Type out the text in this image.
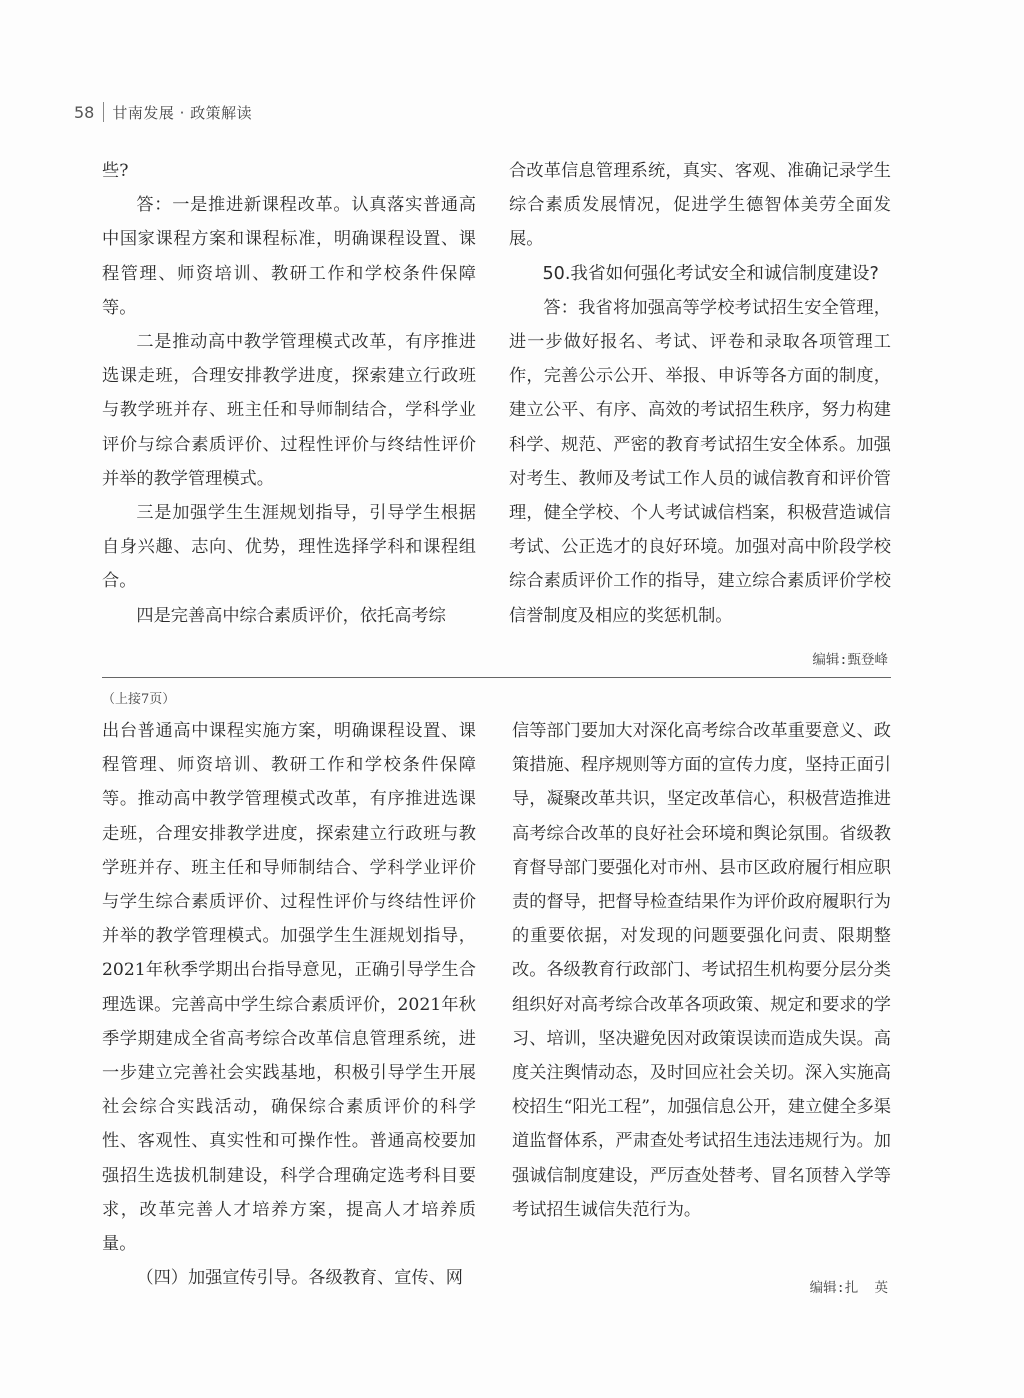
58 甘南发展 · 政策解读

些?

答：一是推进新课程改革。认真落实普通高中国家课程方案和课程标准，明确课程设置、课程管理、师资培训、教研工作和学校条件保障等。

二是推动高中教学管理模式改革，有序推进选课走班，合理安排教学进度，探索建立行政班与教学班并存、班主任和导师制结合，学科学业评价与综合素质评价、过程性评价与终结性评价并举的教学管理模式。

三是加强学生生涯规划指导，引导学生根据自身兴趣、志向、优势，理性选择学科和课程组合。

四是完善高中综合素质评价，依托高考综

合改革信息管理系统，真实、客观、准确记录学生综合素质发展情况，促进学生德智体美劳全面发展。

50.我省如何强化考试安全和诚信制度建设?

答：我省将加强高等学校考试招生安全管理，进一步做好报名、考试、评卷和录取各项管理工作，完善公示公开、举报、申诉等各方面的制度，建立公平、有序、高效的考试招生秩序，努力构建科学、规范、严密的教育考试招生安全体系。加强对考生、教师及考试工作人员的诚信教育和评价管理，健全学校、个人考试诚信档案，积极营造诚信考试、公正选才的良好环境。加强对高中阶段学校综合素质评价工作的指导，建立综合素质评价学校信誉制度及相应的奖惩机制。

编辑:甄登峰
（上接7页）

出台普通高中课程实施方案，明确课程设置、课程管理、师资培训、教研工作和学校条件保障等。推动高中教学管理模式改革，有序推进选课走班，合理安排教学进度，探索建立行政班与教学班并存、班主任和导师制结合、学科学业评价与学生综合素质评价、过程性评价与终结性评价并举的教学管理模式。加强学生生涯规划指导，2021年秋季学期出台指导意见，正确引导学生合理选课。完善高中学生综合素质评价，2021年秋季学期建成全省高考综合改革信息管理系统，进一步建立完善社会实践基地，积极引导学生开展社会综合实践活动，确保综合素质评价的科学性、客观性、真实性和可操作性。普通高校要加强招生选拔机制建设，科学合理确定选考科目要求，改革完善人才培养方案，提高人才培养质量。

（四）加强宣传引导。各级教育、宣传、网

信等部门要加大对深化高考综合改革重要意义、政策措施、程序规则等方面的宣传力度，坚持正面引导，凝聚改革共识，坚定改革信心，积极营造推进高考综合改革的良好社会环境和舆论氛围。省级教育督导部门要强化对市州、县市区政府履行相应职责的督导，把督导检查结果作为评价政府履职行为的重要依据，对发现的问题要强化问责、限期整改。各级教育行政部门、考试招生机构要分层分类组织好对高考综合改革各项政策、规定和要求的学习、培训，坚决避免因对政策误读而造成失误。高度关注舆情动态，及时回应社会关切。深入实施高校招生“阳光工程”，加强信息公开，建立健全多渠道监督体系，严肃查处考试招生违法违规行为。加强诚信制度建设，严厉查处替考、冒名顶替入学等考试招生诚信失范行为。

编辑:扎  英
